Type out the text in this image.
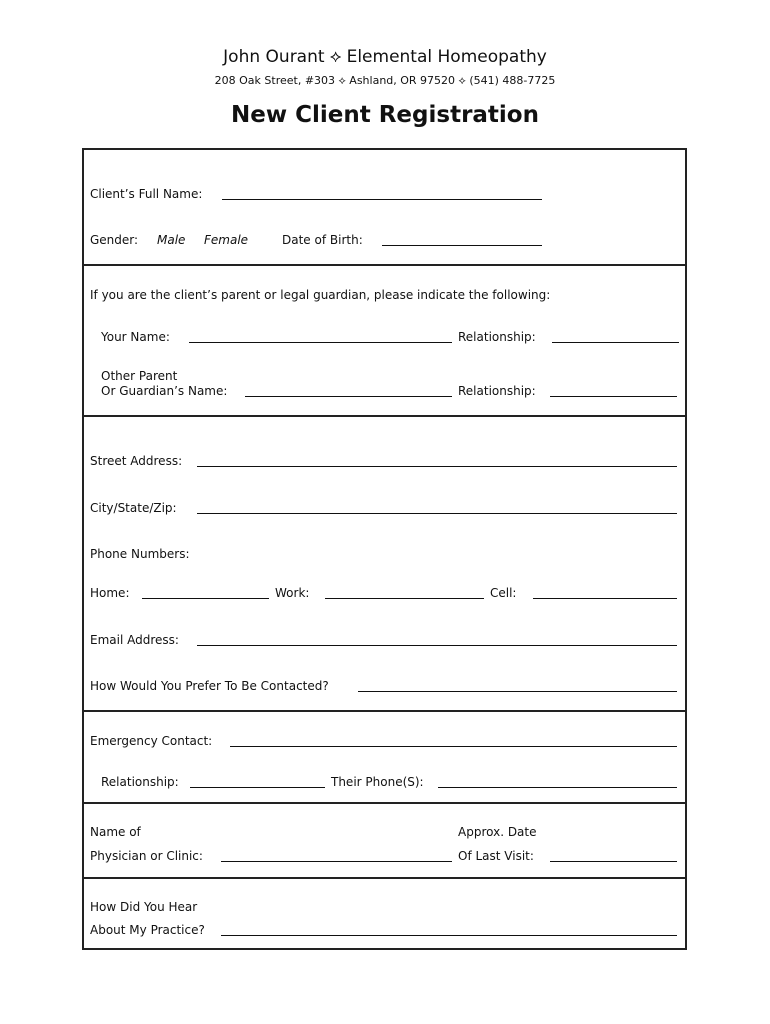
John Ourant ⟡ Elemental Homeopathy
208 Oak Street, #303 ⟡ Ashland, OR 97520 ⟡ (541) 488-7725
New Client Registration
Client’s Full Name:
Gender: Male Female	Date of Birth:
If you are the client’s parent or legal guardian, please indicate the following:
Your Name:	Relationship:
Other Parent
Or Guardian’s Name:	Relationship:
Street Address:
City/State/Zip:
Phone Numbers:
Home:	Work:	Cell:
Email Address:
How Would You Prefer To Be Contacted?
Emergency Contact:
Relationship:	Their Phone(S):
Name of
Physician or Clinic:
Approx. Date
Of Last Visit:
How Did You Hear
About My Practice?
